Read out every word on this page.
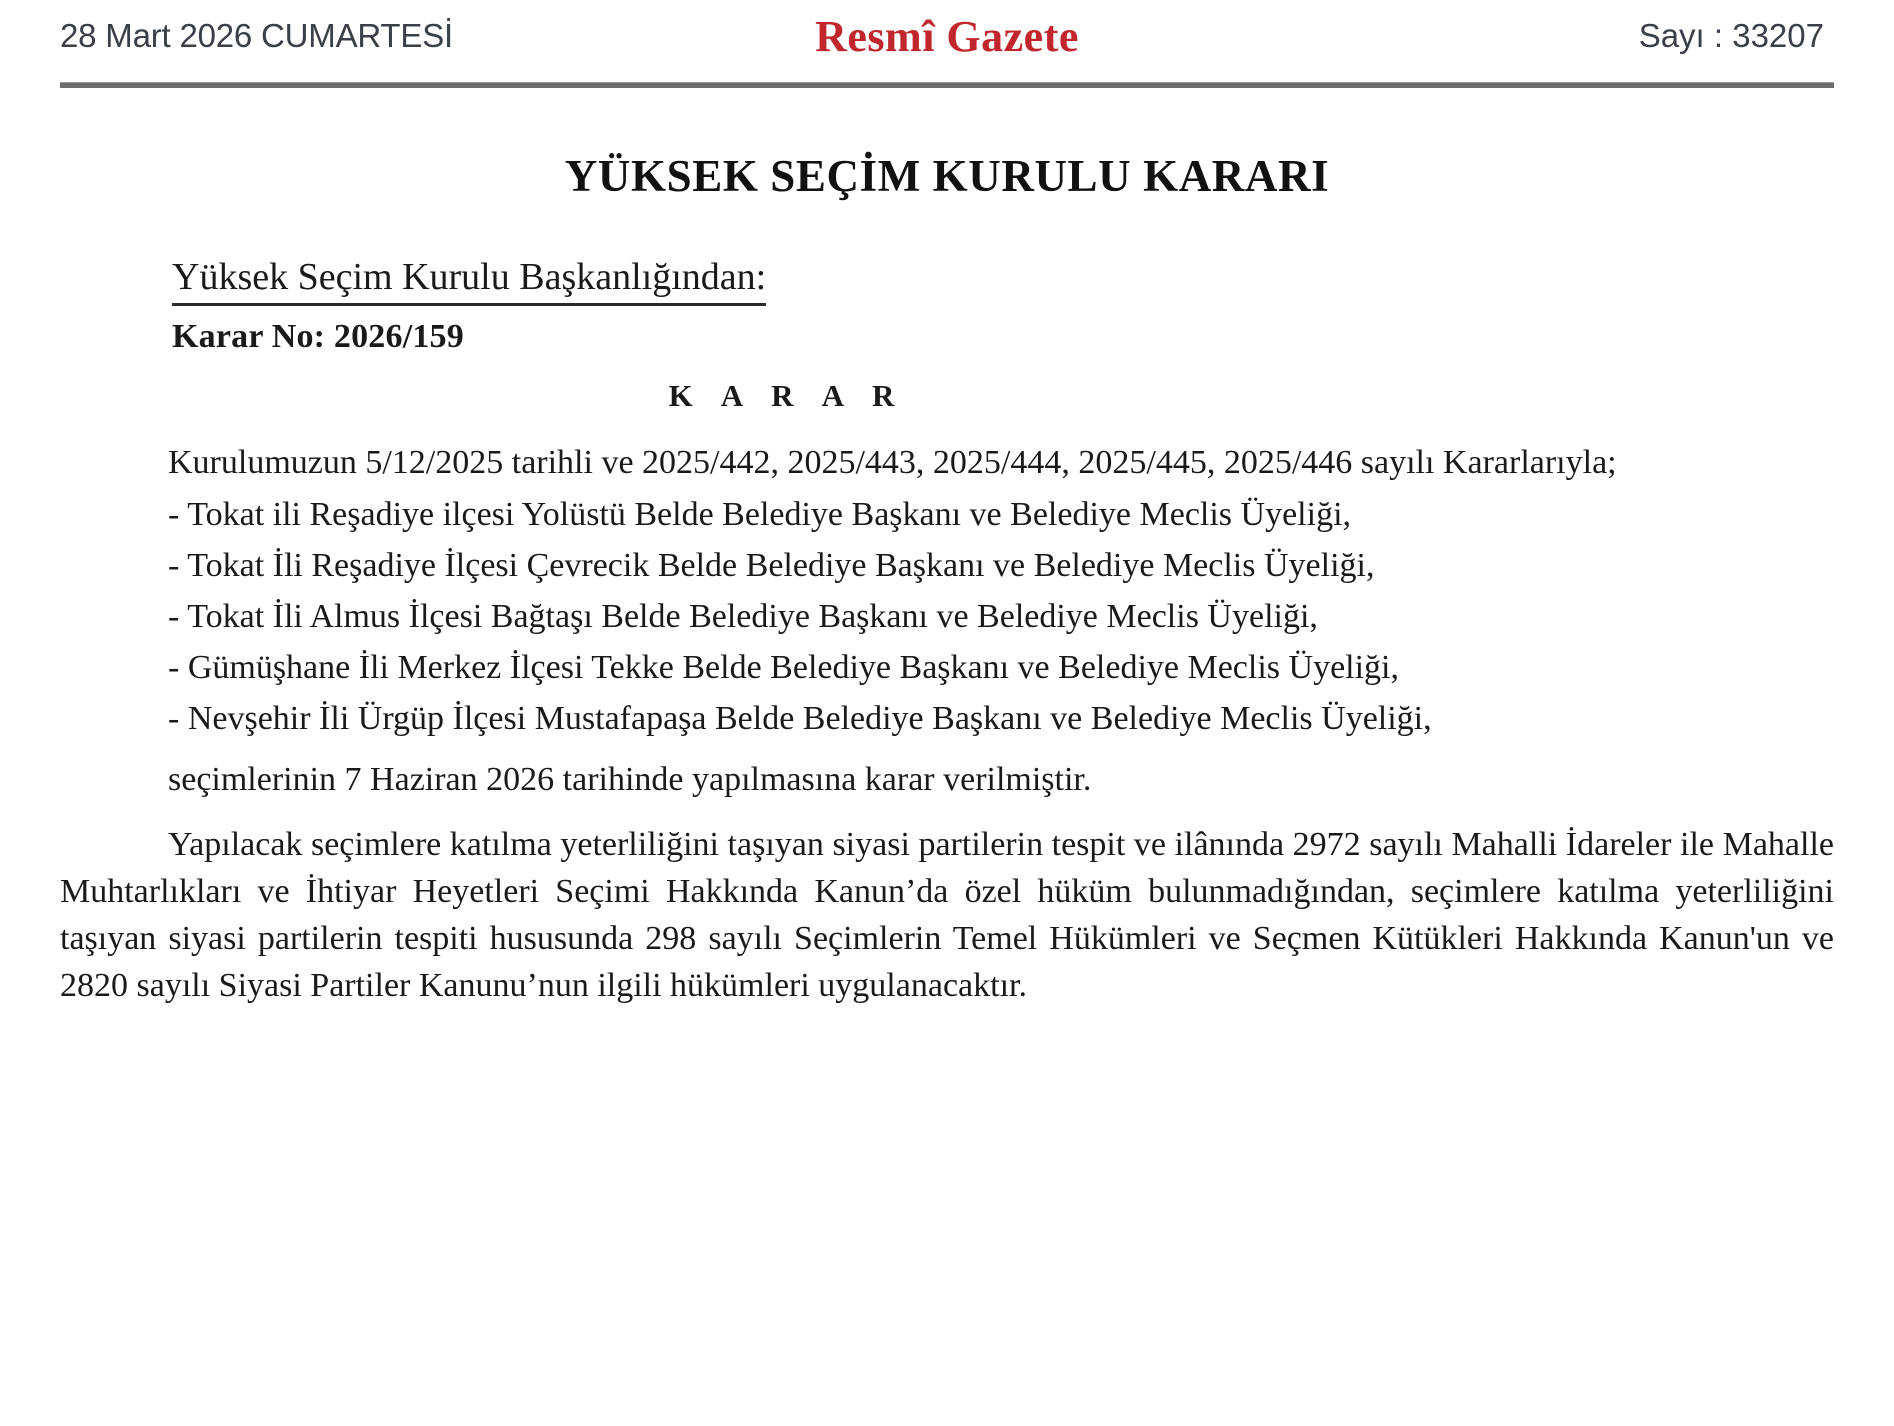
28 Mart 2026 CUMARTESİ	Resmî Gazete	Sayı : 33207
YÜKSEK SEÇİM KURULU KARARI
Yüksek Seçim Kurulu Başkanlığından:
Karar No: 2026/159
K A R A R

Kurulumuzun 5/12/2025 tarihli ve 2025/442, 2025/443, 2025/444, 2025/445, 2025/446 sayılı Kararlarıyla;

- Tokat ili Reşadiye ilçesi Yolüstü Belde Belediye Başkanı ve Belediye Meclis Üyeliği,
- Tokat İli Reşadiye İlçesi Çevrecik Belde Belediye Başkanı ve Belediye Meclis Üyeliği,
- Tokat İli Almus İlçesi Bağtaşı Belde Belediye Başkanı ve Belediye Meclis Üyeliği,
- Gümüşhane İli Merkez İlçesi Tekke Belde Belediye Başkanı ve Belediye Meclis Üyeliği,
- Nevşehir İli Ürgüp İlçesi Mustafapaşa Belde Belediye Başkanı ve Belediye Meclis Üyeliği,

seçimlerinin 7 Haziran 2026 tarihinde yapılmasına karar verilmiştir.

Yapılacak seçimlere katılma yeterliliğini taşıyan siyasi partilerin tespit ve ilânında 2972 sayılı Mahalli İdareler ile Mahalle Muhtarlıkları ve İhtiyar Heyetleri Seçimi Hakkında Kanun’da özel hüküm bulunmadığından, seçimlere katılma yeterliliğini taşıyan siyasi partilerin tespiti hususunda 298 sayılı Seçimlerin Temel Hükümleri ve Seçmen Kütükleri Hakkında Kanun'un ve 2820 sayılı Siyasi Partiler Kanunu’nun ilgili hükümleri uygulanacaktır.
